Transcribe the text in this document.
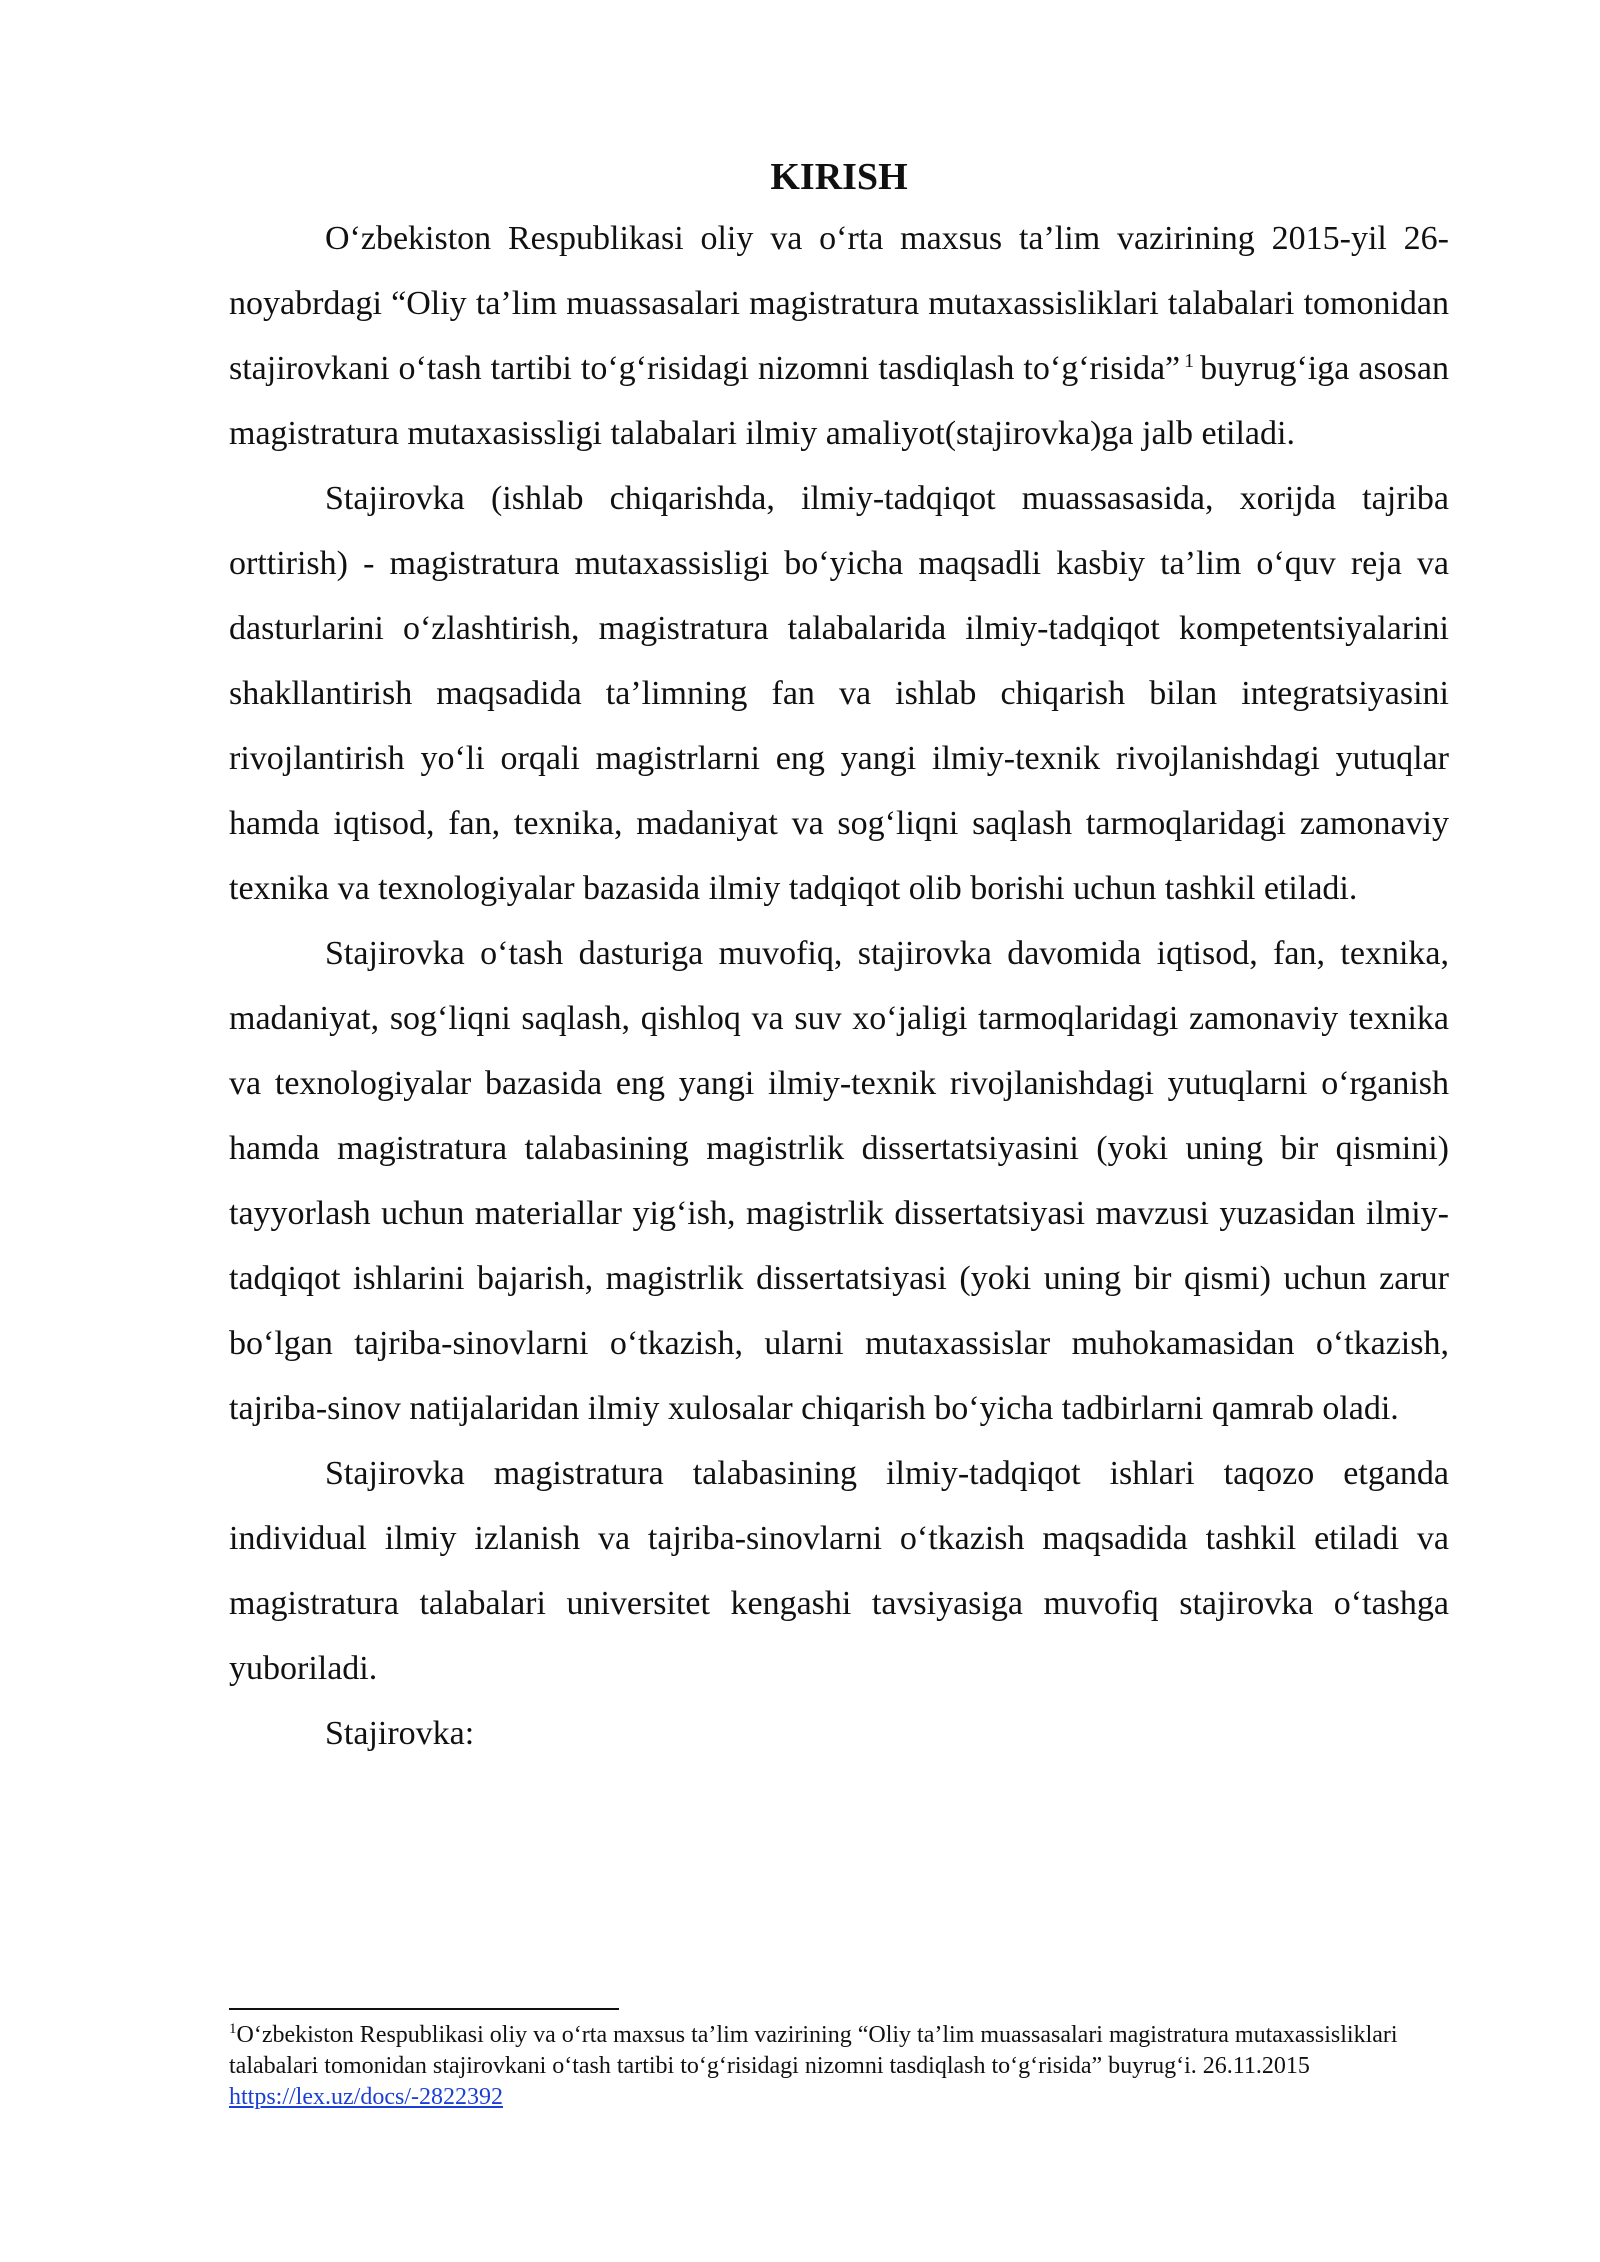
KIRISH

O‘zbekiston Respublikasi oliy va o‘rta maxsus ta’lim vazirining 2015-yil 26-noyabrdagi “Oliy ta’lim muassasalari magistratura mutaxassisliklari talabalari tomonidan stajirovkani o‘tash tartibi to‘g‘risidagi nizomni tasdiqlash to‘g‘risida” $^1$ buyrug‘iga asosan magistratura mutaxasissligi talabalari ilmiy amaliyot(stajirovka)ga jalb etiladi.

Stajirovka (ishlab chiqarishda, ilmiy-tadqiqot muassasasida, xorijda tajriba orttirish) - magistratura mutaxassisligi bo‘yicha maqsadli kasbiy ta’lim o‘quv reja va dasturlarini o‘zlashtirish, magistratura talabalarida ilmiy-tadqiqot kompetentsiyalarini shakllantirish maqsadida ta’limning fan va ishlab chiqarish bilan integratsiyasini rivojlantirish yo‘li orqali magistrlarni eng yangi ilmiy-texnik rivojlanishdagi yutuqlar hamda iqtisod, fan, texnika, madaniyat va sog‘liqni saqlash tarmoqlaridagi zamonaviy texnika va texnologiyalar bazasida ilmiy tadqiqot olib borishi uchun tashkil etiladi.

Stajirovka o‘tash dasturiga muvofiq, stajirovka davomida iqtisod, fan, texnika, madaniyat, sog‘liqni saqlash, qishloq va suv xo‘jaligi tarmoqlaridagi zamonaviy texnika va texnologiyalar bazasida eng yangi ilmiy-texnik rivojlanishdagi yutuqlarni o‘rganish hamda magistratura talabasining magistrlik dissertatsiyasini (yoki uning bir qismini) tayyorlash uchun materiallar yig‘ish, magistrlik dissertatsiyasi mavzusi yuzasidan ilmiy-tadqiqot ishlarini bajarish, magistrlik dissertatsiyasi (yoki uning bir qismi) uchun zarur bo‘lgan tajriba-sinovlarni o‘tkazish, ularni mutaxassislar muhokamasidan o‘tkazish, tajriba-sinov natijalaridan ilmiy xulosalar chiqarish bo‘yicha tadbirlarni qamrab oladi.

Stajirovka magistratura talabasining ilmiy-tadqiqot ishlari taqozo etganda individual ilmiy izlanish va tajriba-sinovlarni o‘tkazish maqsadida tashkil etiladi va magistratura talabalari universitet kengashi tavsiyasiga muvofiq stajirovka o‘tashga yuboriladi.

Stajirovka:

$^1$O‘zbekiston Respublikasi oliy va o‘rta maxsus ta’lim vazirining “Oliy ta’lim muassasalari magistratura mutaxassisliklari talabalari tomonidan stajirovkani o‘tash tartibi to‘g‘risidagi nizomni tasdiqlash to‘g‘risida” buyrug‘i. 26.11.2015  https://lex.uz/docs/-2822392
